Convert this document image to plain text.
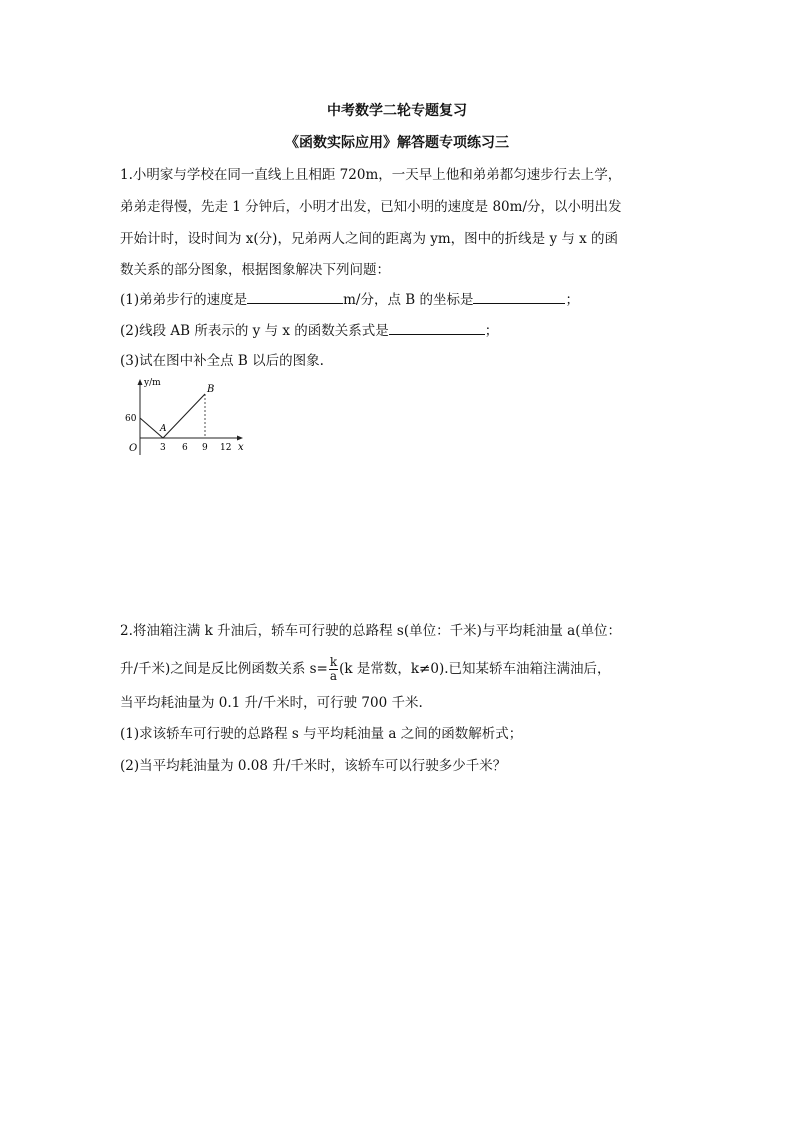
中考数学二轮专题复习
《函数实际应用》解答题专项练习三
1.小明家与学校在同一直线上且相距 720m，一天早上他和弟弟都匀速步行去上学，
弟弟走得慢，先走 1 分钟后，小明才出发，已知小明的速度是 80m/分，以小明出发
开始计时，设时间为 x(分)，兄弟两人之间的距离为 ym，图中的折线是 y 与 x 的函
数关系的部分图象，根据图象解决下列问题：
(1)弟弟步行的速度是	m/分，点 B 的坐标是	；
(2)线段 AB 所表示的 y 与 x 的函数关系式是	；
(3)试在图中补全点 B 以后的图象.
y/m
x
O
60
3 6 9 12
A
B
2.将油箱注满 k 升油后，轿车可行驶的总路程 s(单位：千米)与平均耗油量 a(单位：
升/千米)之间是反比例函数关系 $s= \frac{k}{a} (k$ 是常数，k≠0).已知某轿车油箱注满油后，
当平均耗油量为 0.1 升/千米时，可行驶 700 千米.
(1)求该轿车可行驶的总路程 s 与平均耗油量 a 之间的函数解析式；
(2)当平均耗油量为 0.08 升/千米时，该轿车可以行驶多少千米？
